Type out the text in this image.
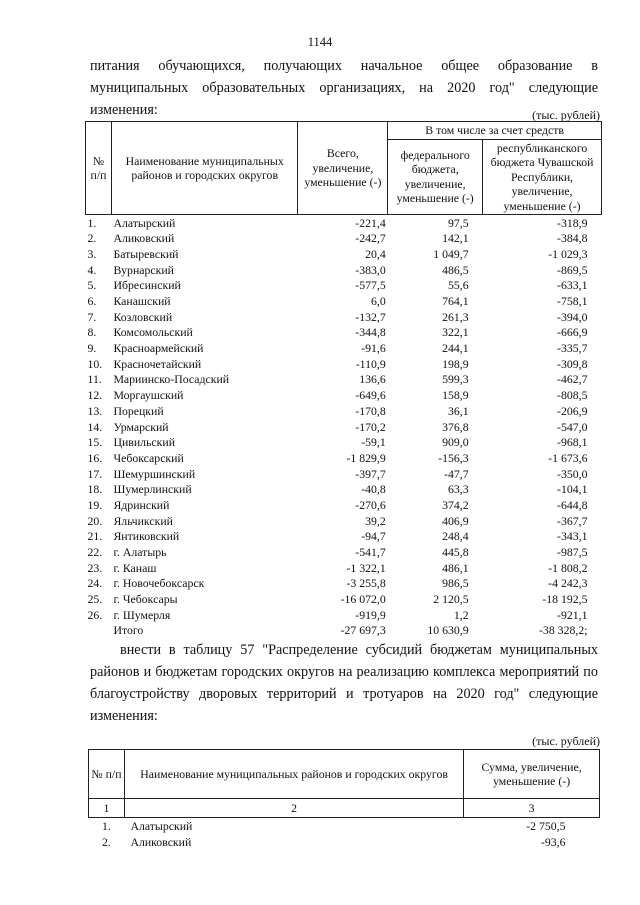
1144
питания обучающихся, получающих начальное общее образование в муниципальных образовательных организациях, на 2020 год" следующие изменения:	(тыс. рублей)
№ п/п	Наименование муниципальных районов и городских округов	Всего, увеличение, уменьшение (-)	В том числе за счет средств	
			федерального бюджета, увеличение, уменьшение (-)	республиканского бюджета Чувашской Республики, увеличение, уменьшение (-)
1.	Алатырский	-221,4	97,5	-318,9
2.	Аликовский	-242,7	142,1	-384,8
3.	Батыревский	20,4	1 049,7	-1 029,3
4.	Вурнарский	-383,0	486,5	-869,5
5.	Ибресинский	-577,5	55,6	-633,1
6.	Канашский	6,0	764,1	-758,1
7.	Козловский	-132,7	261,3	-394,0
8.	Комсомольский	-344,8	322,1	-666,9
9.	Красноармейский	-91,6	244,1	-335,7
10.	Красночетайский	-110,9	198,9	-309,8
11.	Мариинско-Посадский	136,6	599,3	-462,7
12.	Моргаушский	-649,6	158,9	-808,5
13.	Порецкий	-170,8	36,1	-206,9
14.	Урмарский	-170,2	376,8	-547,0
15.	Цивильский	-59,1	909,0	-968,1
16.	Чебоксарский	-1 829,9	-156,3	-1 673,6
17.	Шемуршинский	-397,7	-47,7	-350,0
18.	Шумерлинский	-40,8	63,3	-104,1
19.	Ядринский	-270,6	374,2	-644,8
20.	Яльчикский	39,2	406,9	-367,7
21.	Янтиковский	-94,7	248,4	-343,1
22.	г. Алатырь	-541,7	445,8	-987,5
23.	г. Канаш	-1 322,1	486,1	-1 808,2
24.	г. Новочебоксарск	-3 255,8	986,5	-4 242,3
25.	г. Чебоксары	-16 072,0	2 120,5	-18 192,5
26.	г. Шумерля	-919,9	1,2	-921,1
	Итого	-27 697,3	10 630,9	-38 328,2;
внести в таблицу 57 "Распределение субсидий бюджетам муниципальных районов и бюджетам городских округов на реализацию комплекса мероприятий по благоустройству дворовых территорий и тротуаров на 2020 год" следующие изменения:
(тыс. рублей)
№ п/п	Наименование муниципальных районов и городских округов	Сумма, увеличение, уменьшение (-)
1	2	3
1.	Алатырский	-2 750,5
2.	Аликовский	-93,6
